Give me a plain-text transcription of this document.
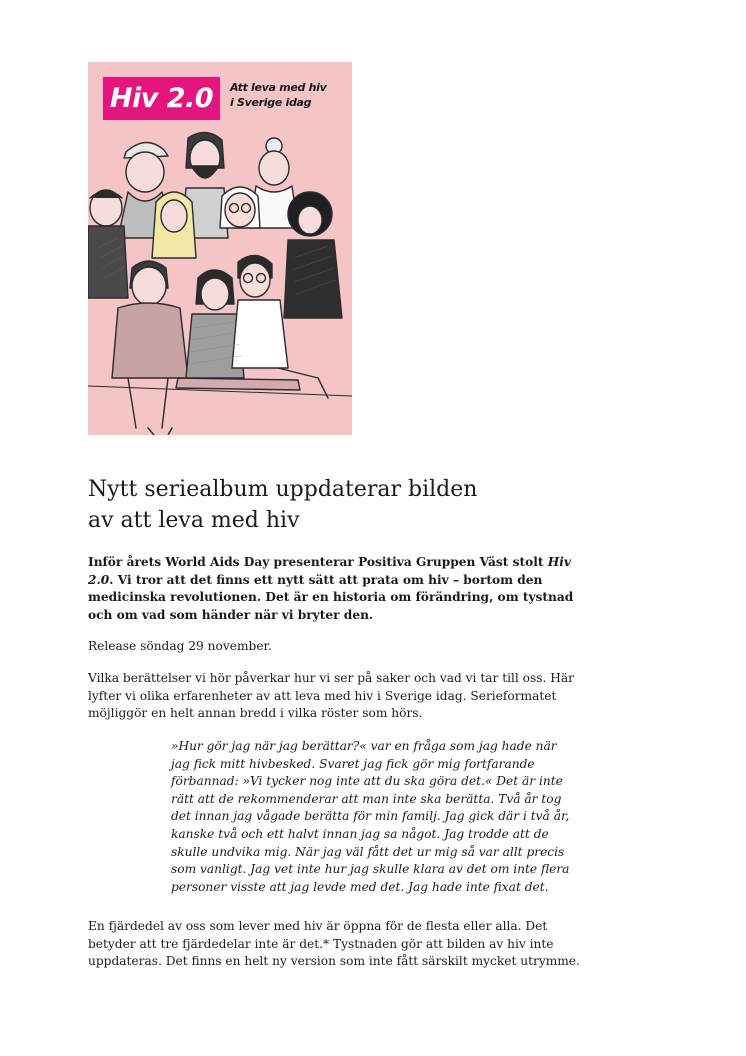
Hiv 2.0	Att leva med hiv
i Sverige idag
Nytt seriealbum uppdaterar bilden
av att leva med hiv

Inför årets World Aids Day presenterar Positiva Gruppen Väst stolt Hiv 2.0. Vi tror att det finns ett nytt sätt att prata om hiv – bortom den medicinska revolutionen. Det är en historia om förändring, om tystnad och om vad som händer när vi bryter den.

Release söndag 29 november.

Vilka berättelser vi hör påverkar hur vi ser på saker och vad vi tar till oss. Här lyfter vi olika erfarenheter av att leva med hiv i Sverige idag. Serieformatet möjliggör en helt annan bredd i vilka röster som hörs.

»Hur gör jag när jag berättar?« var en fråga som jag hade när jag fick mitt hivbesked. Svaret jag fick gör mig fortfarande förbannad: »Vi tycker nog inte att du ska göra det.« Det är inte rätt att de rekommenderar att man inte ska berätta. Två år tog det innan jag vågade berätta för min familj. Jag gick där i två år, kanske två och ett halvt innan jag sa något. Jag trodde att de skulle undvika mig. När jag väl fått det ur mig så var allt precis som vanligt. Jag vet inte hur jag skulle klara av det om inte flera personer visste att jag levde med det. Jag hade inte fixat det.

En fjärdedel av oss som lever med hiv är öppna för de flesta eller alla. Det betyder att tre fjärdedelar inte är det.* Tystnaden gör att bilden av hiv inte uppdateras. Det finns en helt ny version som inte fått särskilt mycket utrymme.
